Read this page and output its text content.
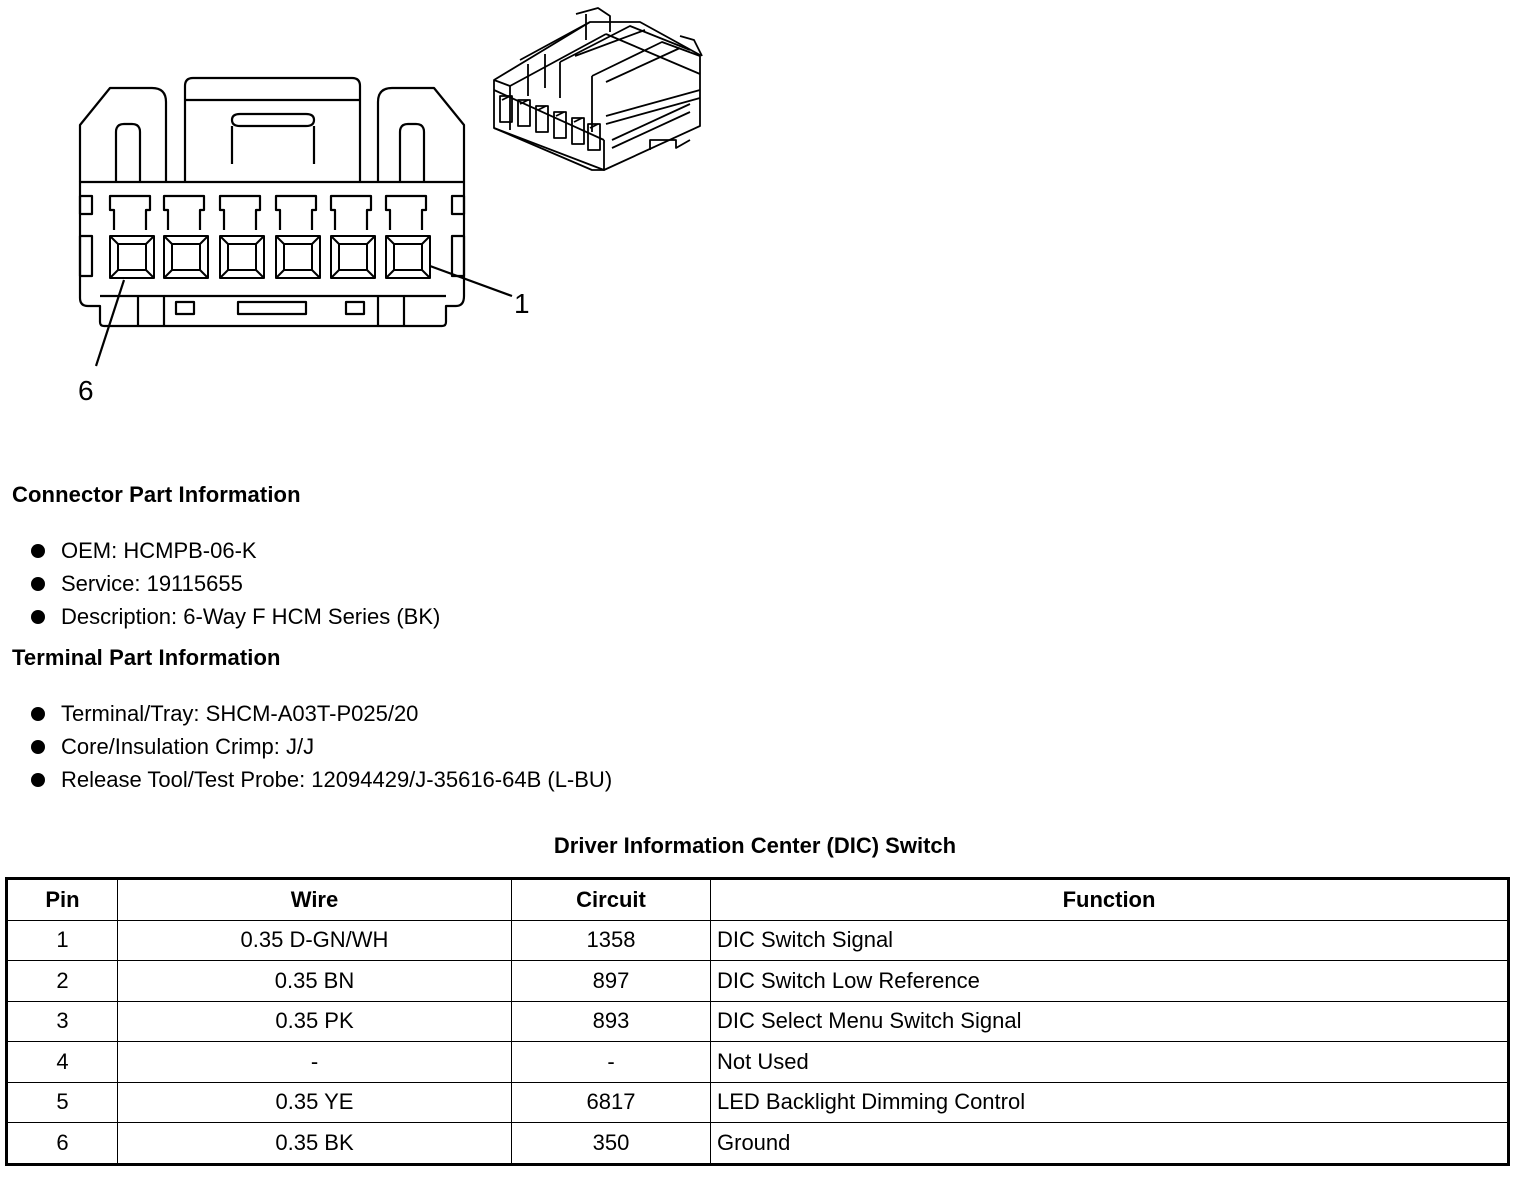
1
6
Connector Part Information
OEM: HCMPB-06-K
Service: 19115655
Description: 6-Way F HCM Series (BK)
Terminal Part Information
Terminal/Tray: SHCM-A03T-P025/20
Core/Insulation Crimp: J/J
Release Tool/Test Probe: 12094429/J-35616-64B (L-BU)
Driver Information Center (DIC) Switch
Pin	Wire	Circuit	Function
1	0.35 D-GN/WH	1358	DIC Switch Signal
2	0.35 BN	897	DIC Switch Low Reference
3	0.35 PK	893	DIC Select Menu Switch Signal
4	-	-	Not Used
5	0.35 YE	6817	LED Backlight Dimming Control
6	0.35 BK	350	Ground
